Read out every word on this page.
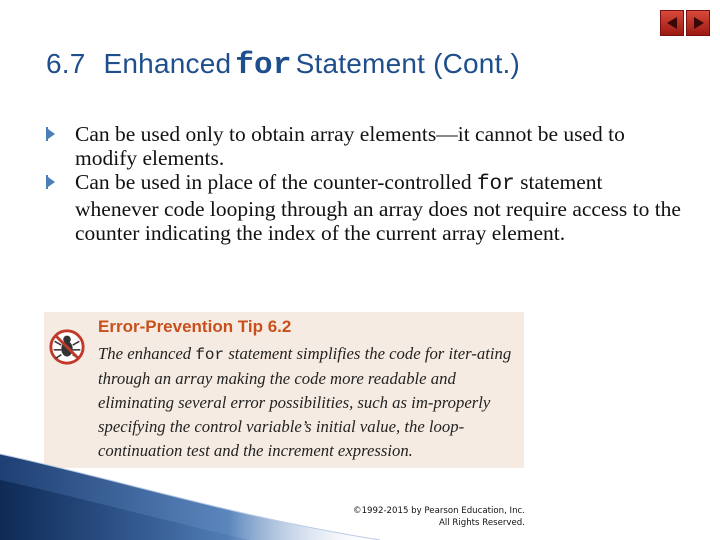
6.7 Enhanced for Statement (Cont.)
Can be used only to obtain array elements—it cannot be used to modify elements.
Can be used in place of the counter-controlled for statement whenever code looping through an array does not require access to the counter indicating the index of the current array element.
Error-Prevention Tip 6.2

The enhanced for statement simplifies the code for iter-ating through an array making the code more readable and eliminating several error possibilities, such as im-properly specifying the control variable’s initial value, the loop-continuation test and the increment expression.

©1992-2015 by Pearson Education, Inc.
All Rights Reserved.
